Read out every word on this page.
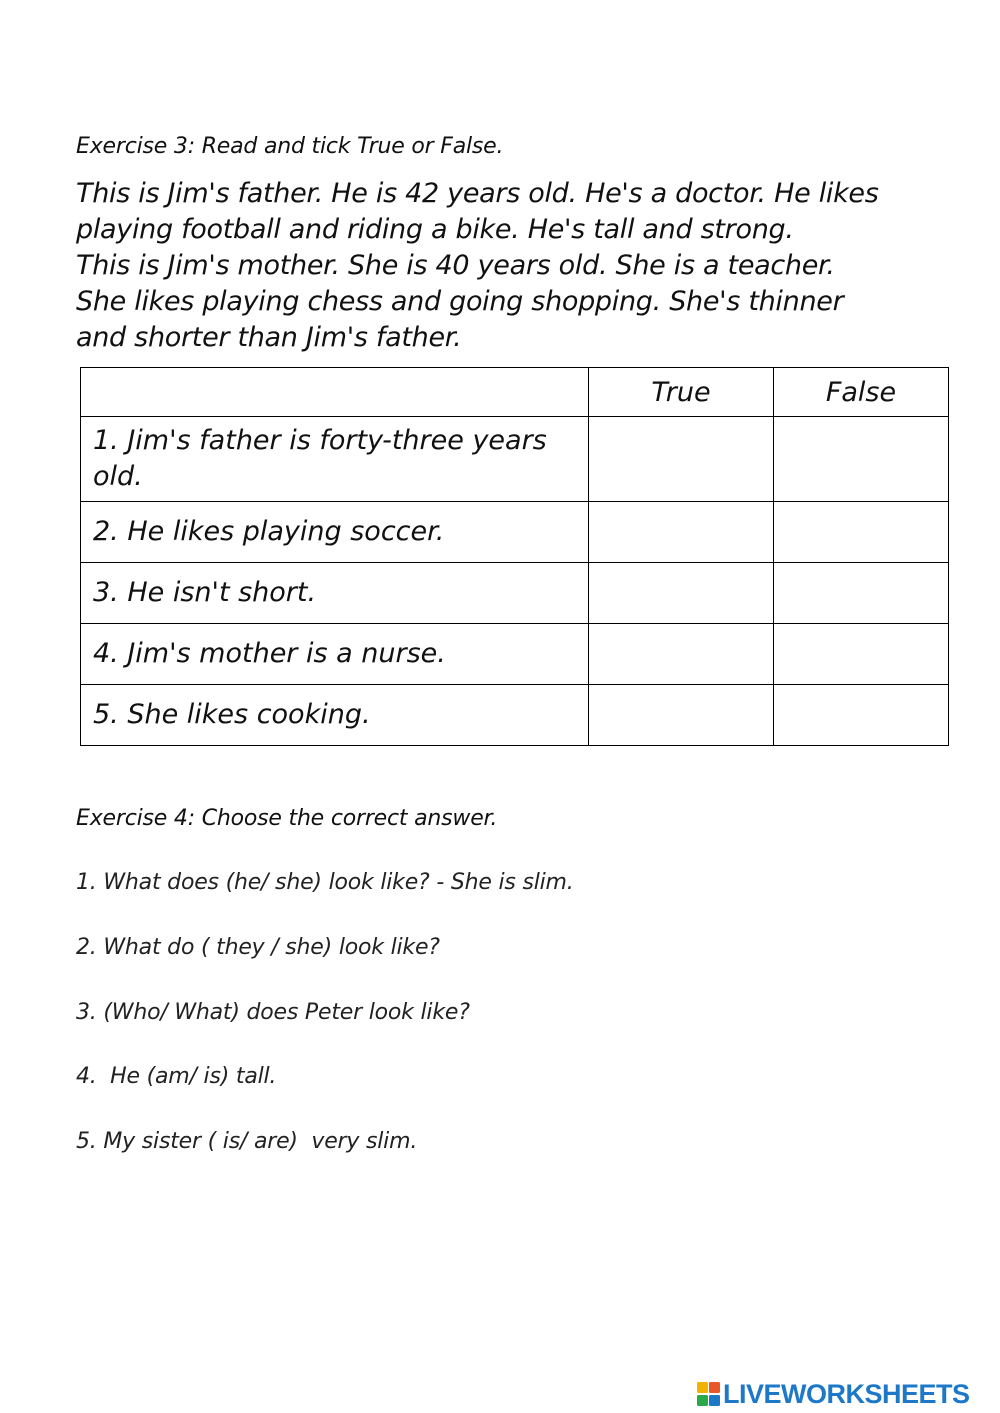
Exercise 3: Read and tick True or False.
This is Jim's father. He is 42 years old. He's a doctor. He likes
playing football and riding a bike. He's tall and strong.
This is Jim's mother. She is 40 years old. She is a teacher.
She likes playing chess and going shopping. She's thinner
and shorter than Jim's father.
	True	False
1. Jim's father is forty-three years old.		
2. He likes playing soccer.		
3. He isn't short.		
4. Jim's mother is a nurse.		
5. She likes cooking.		
Exercise 4: Choose the correct answer.
1. What does (he/ she) look like? - She is slim.
2. What do ( they / she) look like?
3. (Who/ What) does Peter look like?
4.  He (am/ is) tall.
5. My sister ( is/ are)  very slim.
LIVEWORKSHEETS
